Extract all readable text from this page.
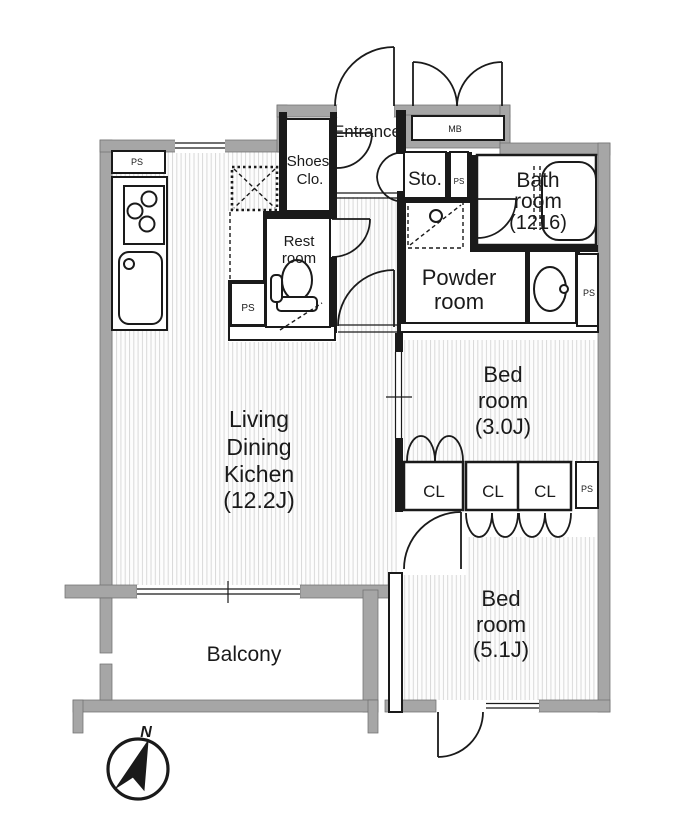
PS
Entrance
Shoes
Clo.
MB
Sto. PS Bath
room
(1216)
Rest
room
PS
Powder
room	PS
Bed
room
(3.0J)
CL CL CL	PS
Living
Dining
Kichen
(12.2J)
Bed
room
(5.1J)
Balcony
N
